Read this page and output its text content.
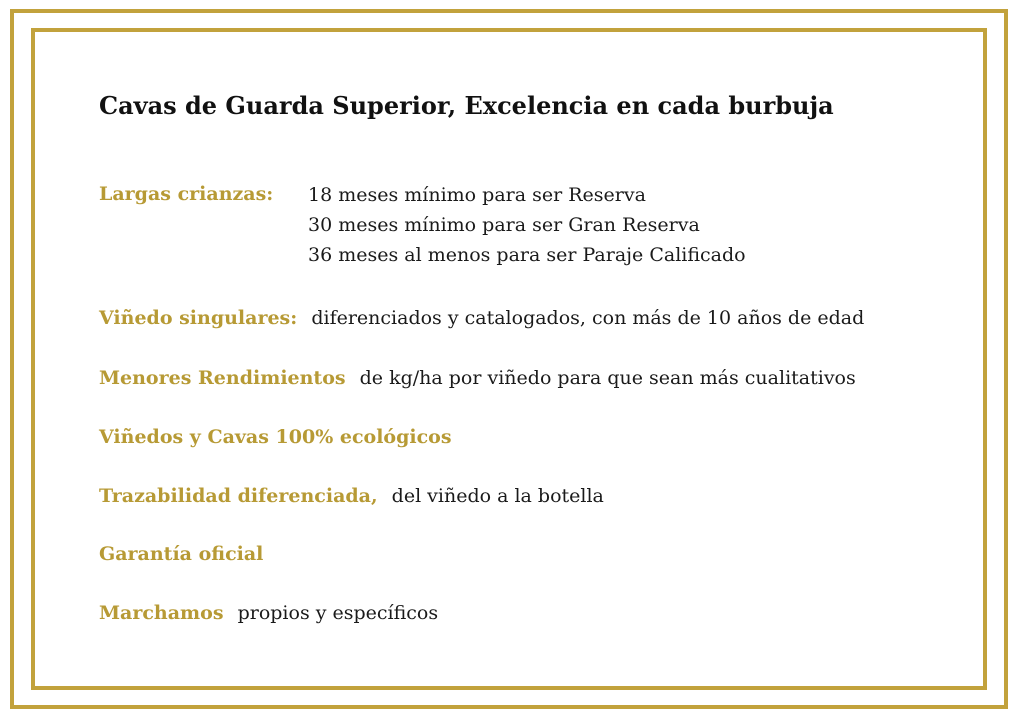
Cavas de Guarda Superior, Excelencia en cada burbuja
Largas crianzas:	18 meses mínimo para ser Reserva
30 meses mínimo para ser Gran Reserva
36 meses al menos para ser Paraje Calificado
Viñedo singulares: diferenciados y catalogados, con más de 10 años de edad
Menores Rendimientos de kg/ha por viñedo para que sean más cualitativos
Viñedos y Cavas 100% ecológicos
Trazabilidad diferenciada, del viñedo a la botella
Garantía oficial
Marchamos propios y específicos
